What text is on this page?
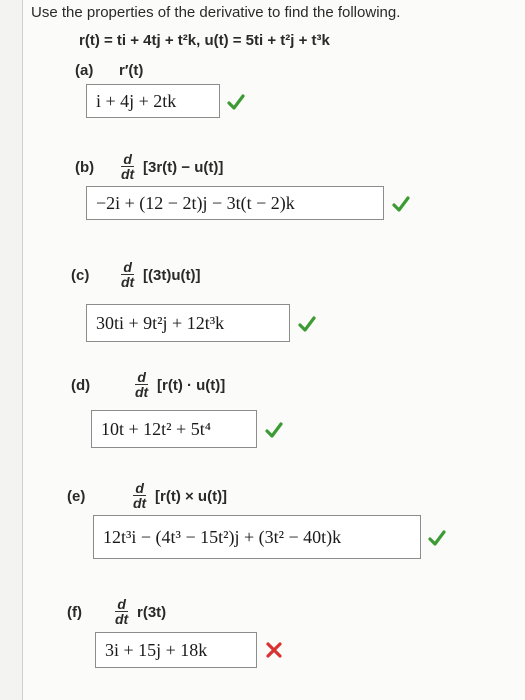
Use the properties of the derivative to find the following.
r(t) = ti + 4tj + t²k, u(t) = 5ti + t²j + t³k
(a) r′(t)
i + 4j + 2tk
$(b) \frac{d}{dt} [3r(t) - u(t)]$
−2i + (12 − 2t)j − 3t(t − 2)k
$(c) \frac{d}{dt} [(3t)u(t)]$
30ti + 9t²j + 12t³k
(d)	$\frac{d}{dt} [r(t) \cdot u(t)]$
10t + 12t² + 5t⁴
(e)	$\frac{d}{dt} [r(t) \times u(t)]$
12t³i − (4t³ − 15t²)j + (3t² − 40t)k
$(f) \frac{d}{dt} r(3t)$
3i + 15j + 18k
